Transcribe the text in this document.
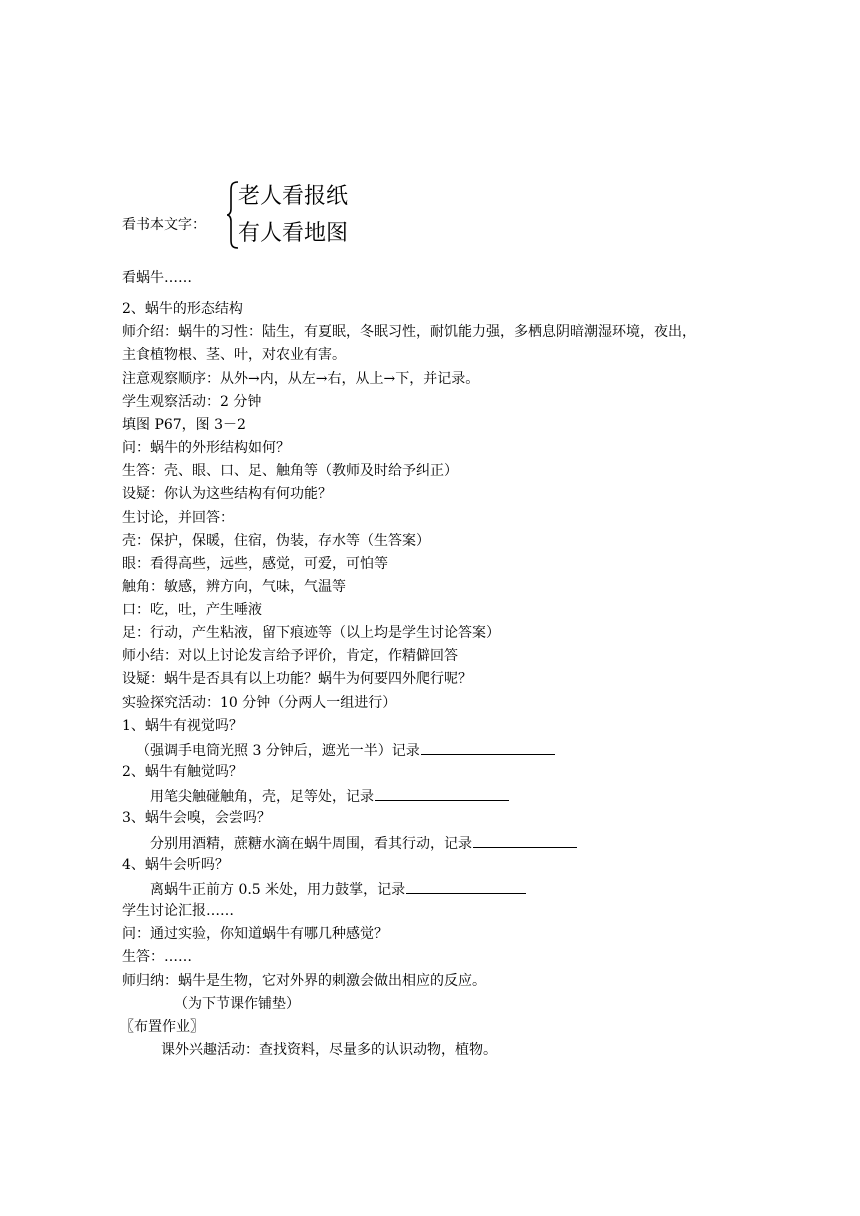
看书本文字：
老人看报纸
有人看地图
看蜗牛……
2、蜗牛的形态结构
师介绍：蜗牛的习性：陆生，有夏眠，冬眠习性，耐饥能力强，多栖息阴暗潮湿环境，夜出，
主食植物根、茎、叶，对农业有害。
注意观察顺序：从外→内，从左→右，从上→下，并记录。
学生观察活动：2 分钟
填图 P67，图 3－2
问：蜗牛的外形结构如何？
生答：壳、眼、口、足、触角等（教师及时给予纠正）
设疑：你认为这些结构有何功能？
生讨论，并回答：
壳：保护，保暖，住宿，伪装，存水等（生答案）
眼：看得高些，远些，感觉，可爱，可怕等
触角：敏感，辨方向，气味，气温等
口：吃，吐，产生唾液
足：行动，产生粘液，留下痕迹等（以上均是学生讨论答案）
师小结：对以上讨论发言给予评价，肯定，作精僻回答
设疑：蜗牛是否具有以上功能？蜗牛为何要四外爬行呢？
实验探究活动：10 分钟（分两人一组进行）
1、蜗牛有视觉吗？
（强调手电筒光照 3 分钟后，遮光一半）记录
2、蜗牛有触觉吗？
用笔尖触碰触角，壳，足等处，记录
3、蜗牛会嗅，会尝吗？
分别用酒精，蔗糖水滴在蜗牛周围，看其行动，记录
4、蜗牛会听吗？
离蜗牛正前方 0.5 米处，用力鼓掌，记录
学生讨论汇报……
问：通过实验，你知道蜗牛有哪几种感觉？
生答：……
师归纳：蜗牛是生物，它对外界的刺激会做出相应的反应。
（为下节课作铺垫）
〖布置作业〗
课外兴趣活动：查找资料，尽量多的认识动物，植物。
